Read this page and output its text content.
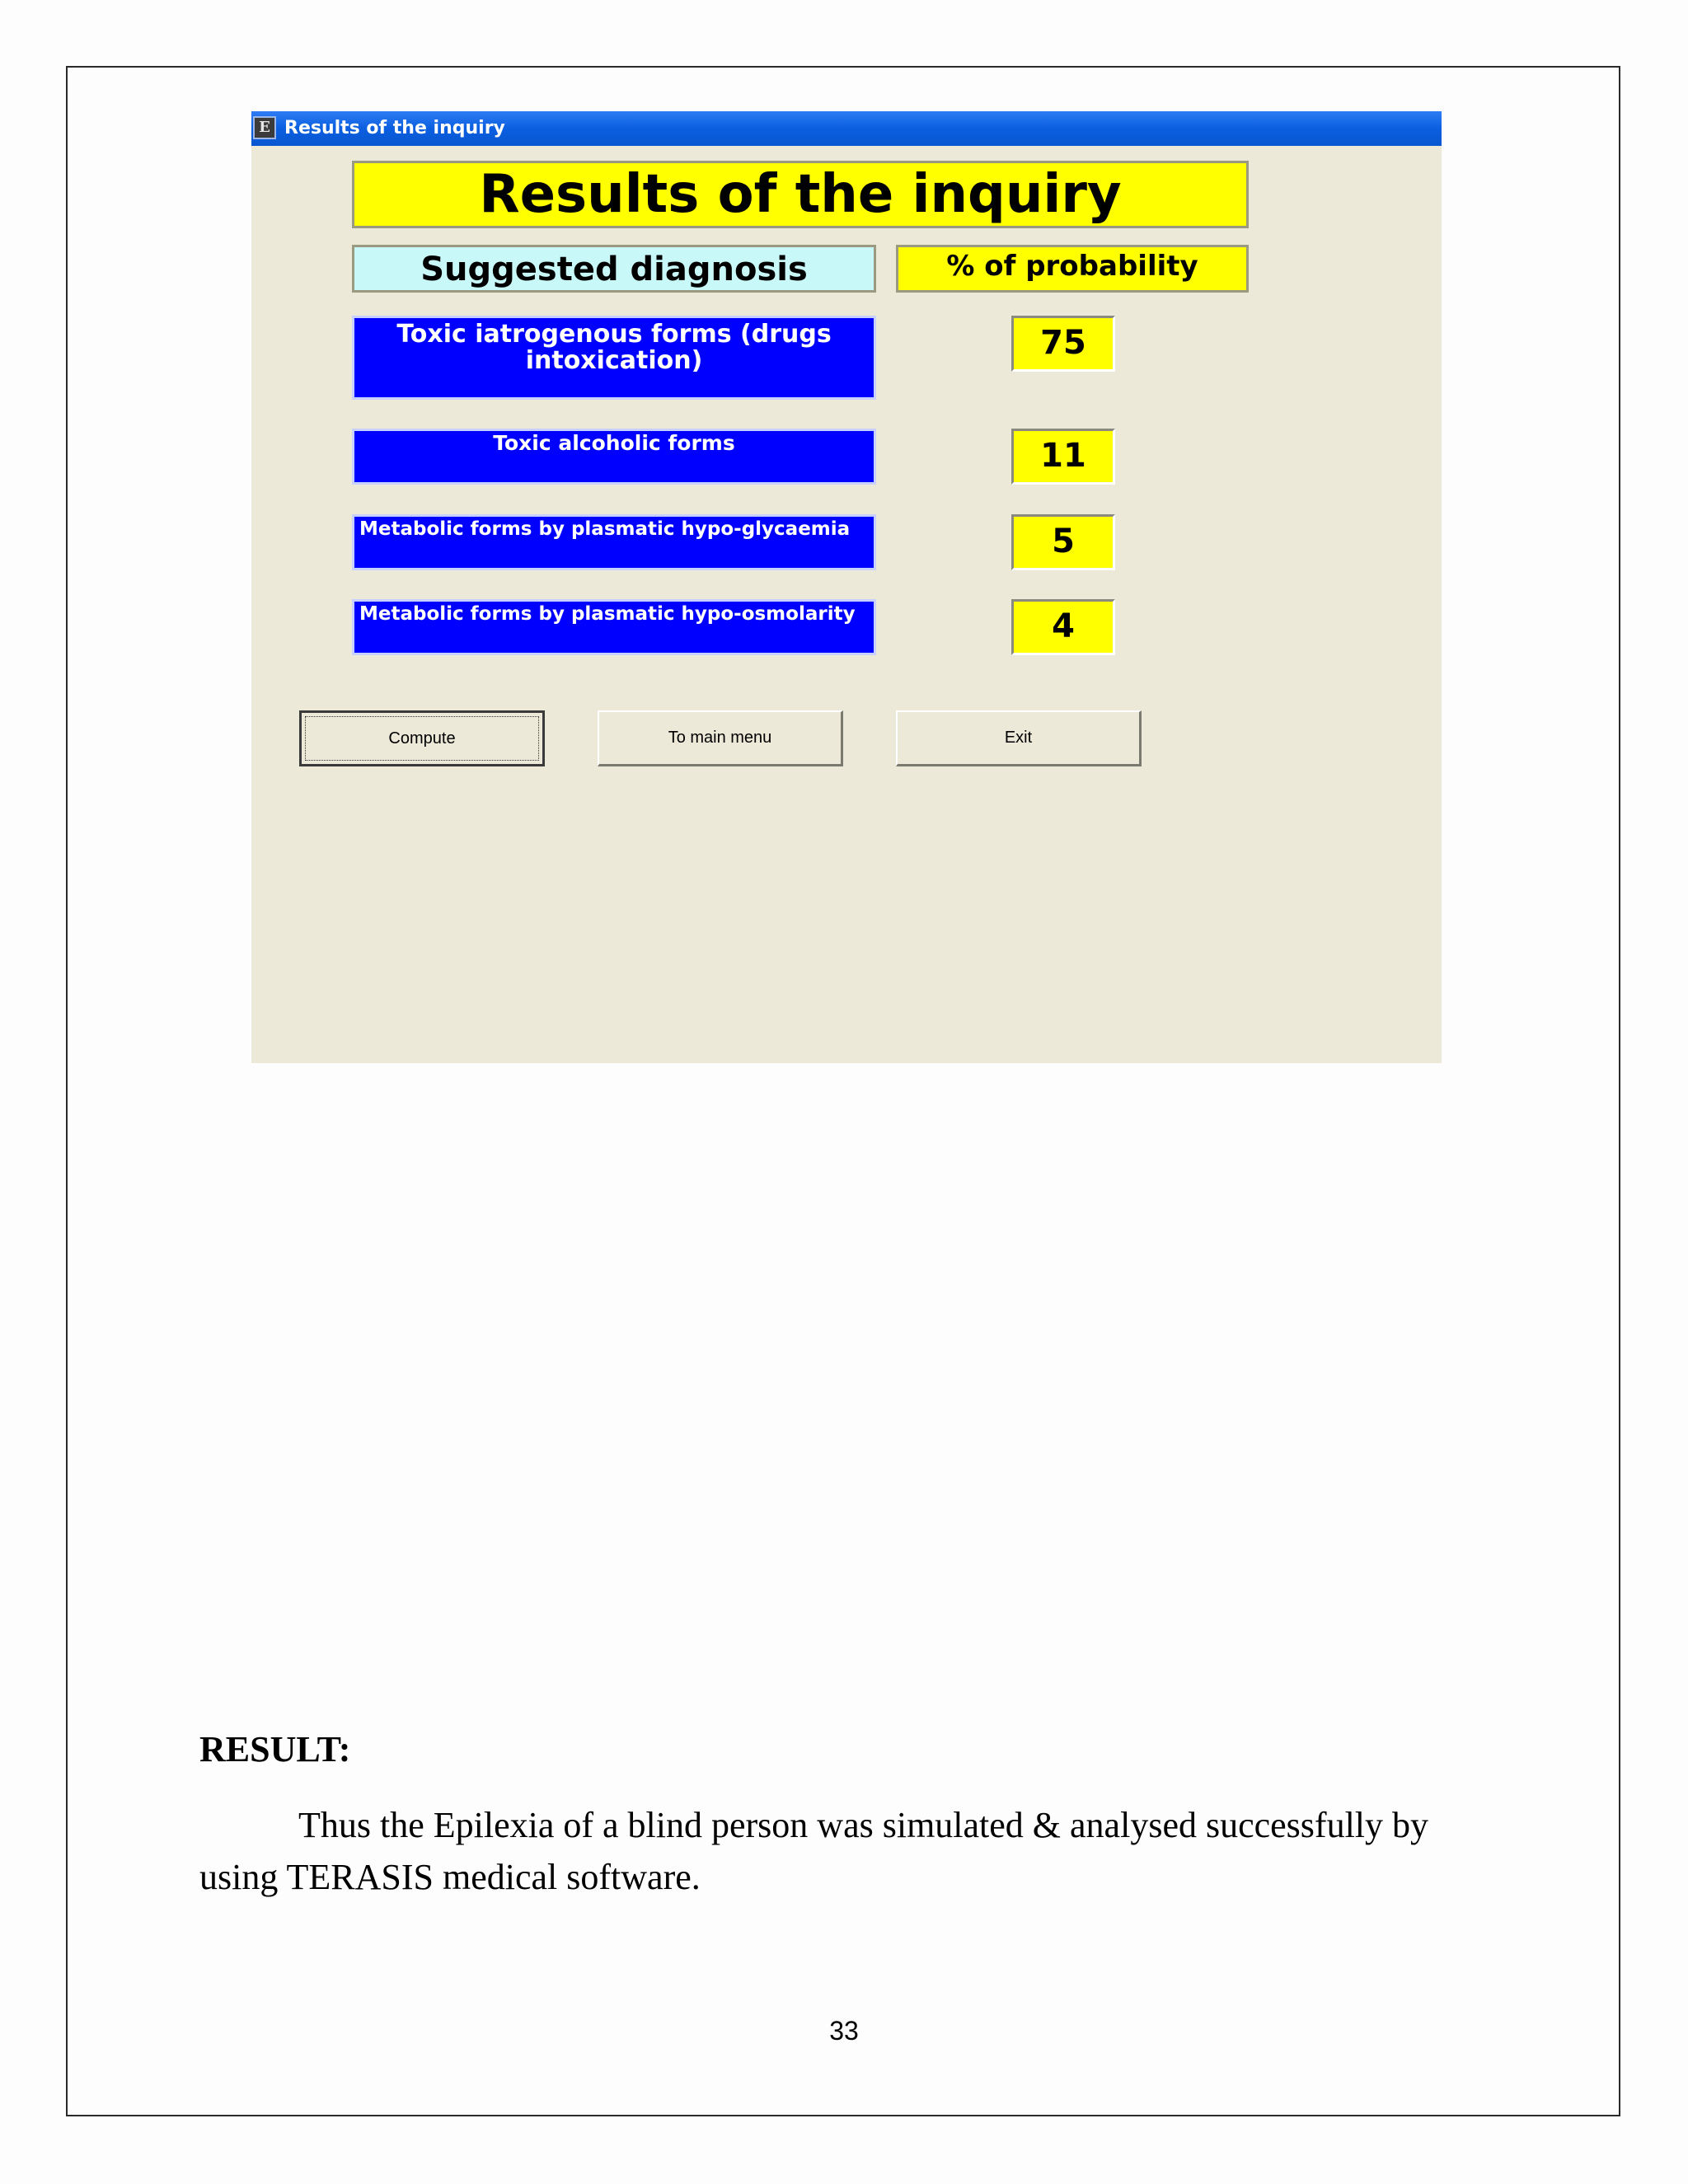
E Results of the inquiry
Results of the inquiry
Suggested diagnosis	% of probability
Toxic iatrogenous forms (drugs intoxication)	75
Toxic alcoholic forms	11
Metabolic forms by plasmatic hypo-glycaemia	5
Metabolic forms by plasmatic hypo-osmolarity	4
Compute	To main menu	Exit
RESULT:

Thus the Epilexia of a blind person was simulated & analysed successfully by using TERASIS medical software.

33
